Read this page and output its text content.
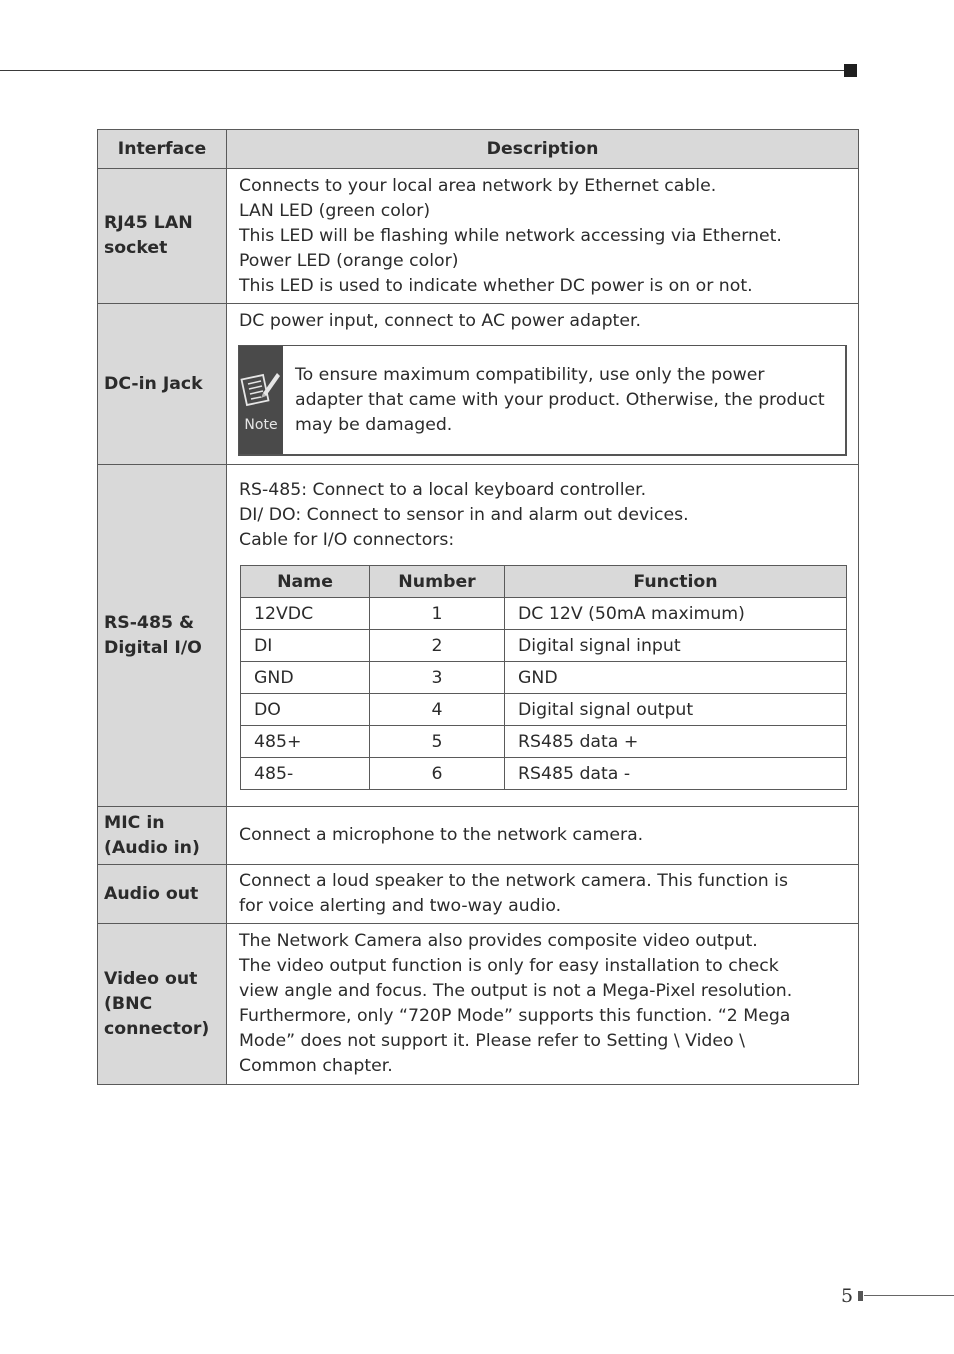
Interface	Description

RJ45 LAN
socket

Connects to your local area network by Ethernet cable.
LAN LED (green color)
This LED will be flashing while network accessing via Ethernet.
Power LED (orange color)
This LED is used to indicate whether DC power is on or not.

DC-in Jack

DC power input, connect to AC power adapter.
Note
To ensure maximum compatibility, use only the power adapter that came with your product. Otherwise, the product may be damaged.

RS-485 &
Digital I/O

RS-485: Connect to a local keyboard controller.
DI/ DO: Connect to sensor in and alarm out devices.
Cable for I/O connectors:
Name	Number	Function
12VDC	1	DC 12V (50mA maximum)
DI	2	Digital signal input
GND	3	GND
DO	4	Digital signal output
485+	5	RS485 data +
485-	6	RS485 data -

MIC in
(Audio in)

Connect a microphone to the network camera.

Audio out

Connect a loud speaker to the network camera. This function is
for voice alerting and two-way audio.

Video out
(BNC
connector)

The Network Camera also provides composite video output.
The video output function is only for easy installation to check
view angle and focus. The output is not a Mega-Pixel resolution.
Furthermore, only “720P Mode” supports this function. “2 Mega
Mode” does not support it. Please refer to Setting \ Video \
Common chapter.
5
